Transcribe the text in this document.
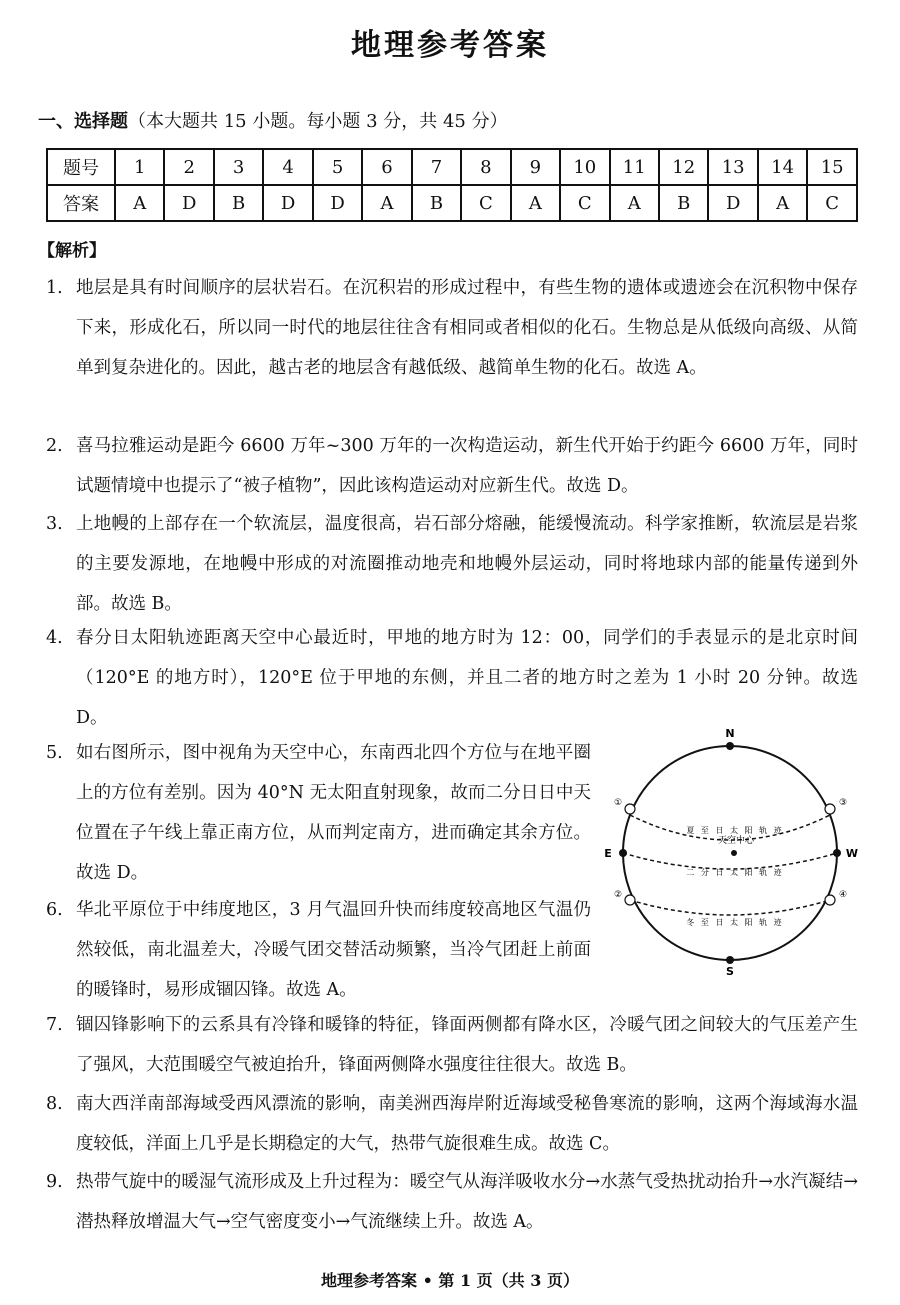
地理参考答案
一、选择题（本大题共 15 小题。每小题 3 分，共 45 分）
题号	1	2	3	4	5	6	7	8	9	10	11	12	13	14	15
答案	A	D	B	D	D	A	B	C	A	C	A	B	D	A	C
【解析】
1. 地层是具有时间顺序的层状岩石。在沉积岩的形成过程中，有些生物的遗体或遗迹会在沉积物中保存下来，形成化石，所以同一时代的地层往往含有相同或者相似的化石。生物总是从低级向高级、从简单到复杂进化的。因此，越古老的地层含有越低级、越简单生物的化石。故选 A。
2. 喜马拉雅运动是距今 6600 万年~300 万年的一次构造运动，新生代开始于约距今 6600 万年，同时试题情境中也提示了“被子植物”，因此该构造运动对应新生代。故选 D。
3. 上地幔的上部存在一个软流层，温度很高，岩石部分熔融，能缓慢流动。科学家推断，软流层是岩浆的主要发源地，在地幔中形成的对流圈推动地壳和地幔外层运动，同时将地球内部的能量传递到外部。故选 B。
4. 春分日太阳轨迹距离天空中心最近时，甲地的地方时为 12：00，同学们的手表显示的是北京时间（120°E 的地方时），120°E 位于甲地的东侧，并且二者的地方时之差为 1 小时 20 分钟。故选 D。
5. 如右图所示，图中视角为天空中心，东南西北四个方位与在地平圈上的方位有差别。因为 40°N 无太阳直射现象，故而二分日日中天位置在子午线上靠正南方位，从而判定南方，进而确定其余方位。故选 D。
6. 华北平原位于中纬度地区，3 月气温回升快而纬度较高地区气温仍然较低，南北温差大，冷暖气团交替活动频繁，当冷气团赶上前面的暖锋时，易形成锢囚锋。故选 A。
7. 锢囚锋影响下的云系具有冷锋和暖锋的特征，锋面两侧都有降水区，冷暖气团之间较大的气压差产生了强风，大范围暖空气被迫抬升，锋面两侧降水强度往往很大。故选 B。
8. 南大西洋南部海域受西风漂流的影响，南美洲西海岸附近海域受秘鲁寒流的影响，这两个海域海水温度较低，洋面上几乎是长期稳定的大气，热带气旋很难生成。故选 C。
9. 热带气旋中的暖湿气流形成及上升过程为：暖空气从海洋吸收水分→水蒸气受热扰动抬升→水汽凝结→潜热释放增温大气→空气密度变小→气流继续上升。故选 A。
N
S
E	W
天空中心
夏 至 日 太 阳 轨 迹
二 分 日 太 阳 轨 迹
冬 至 日 太 阳 轨 迹
①	③
②	④
地理参考答案 • 第 1 页（共 3 页）
